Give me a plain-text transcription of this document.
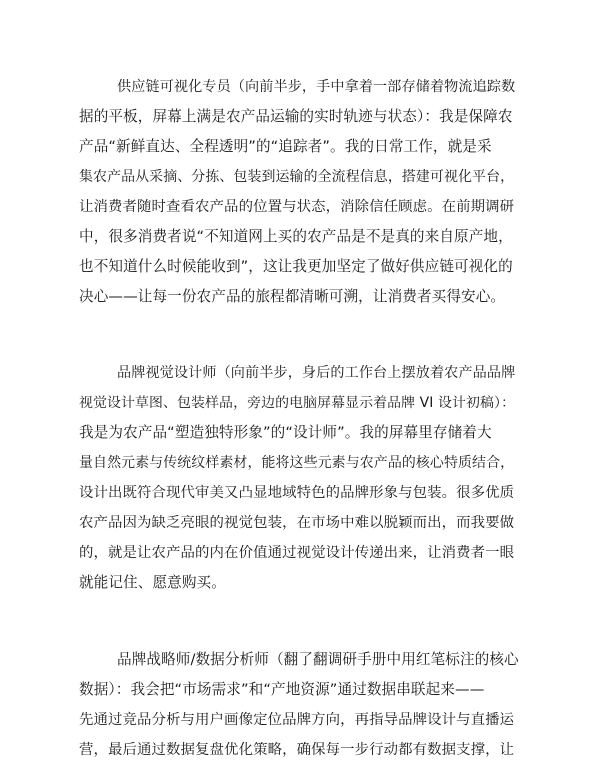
供应链可视化专员（向前半步，手中拿着一部存储着物流追踪数
据的平板，屏幕上满是农产品运输的实时轨迹与状态）：我是保障农
产品“新鲜直达、全程透明”的“追踪者”。我的日常工作，就是采
集农产品从采摘、分拣、包装到运输的全流程信息，搭建可视化平台，
让消费者随时查看农产品的位置与状态，消除信任顾虑。在前期调研
中，很多消费者说“不知道网上买的农产品是不是真的来自原产地，
也不知道什么时候能收到”，这让我更加坚定了做好供应链可视化的
决心——让每一份农产品的旅程都清晰可溯，让消费者买得安心。
品牌视觉设计师（向前半步，身后的工作台上摆放着农产品品牌
视觉设计草图、包装样品，旁边的电脑屏幕显示着品牌 VI 设计初稿）：
我是为农产品“塑造独特形象”的“设计师”。我的屏幕里存储着大
量自然元素与传统纹样素材，能将这些元素与农产品的核心特质结合，
设计出既符合现代审美又凸显地域特色的品牌形象与包装。很多优质
农产品因为缺乏亮眼的视觉包装，在市场中难以脱颖而出，而我要做
的，就是让农产品的内在价值通过视觉设计传递出来，让消费者一眼
就能记住、愿意购买。
品牌战略师/数据分析师（翻了翻调研手册中用红笔标注的核心
数据）：我会把“市场需求”和“产地资源”通过数据串联起来——
先通过竞品分析与用户画像定位品牌方向，再指导品牌设计与直播运
营，最后通过数据复盘优化策略，确保每一步行动都有数据支撑，让
